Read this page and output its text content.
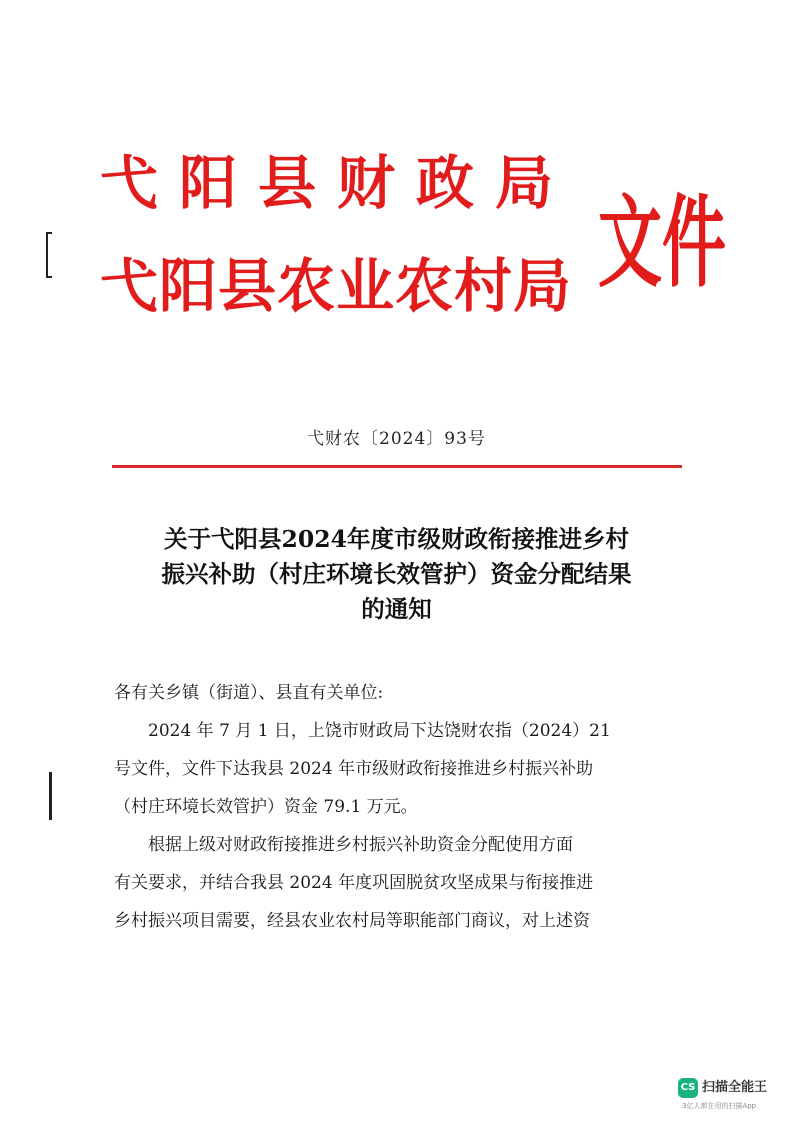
弋阳县财政局
弋阳县农业农村局 文件
弋财农〔2024〕93号
关于弋阳县2024年度市级财政衔接推进乡村
振兴补助（村庄环境长效管护）资金分配结果
的通知

各有关乡镇（街道）、县直有关单位:

2024 年 7 月 1 日，上饶市财政局下达饶财农指（2024）21

号文件，文件下达我县 2024 年市级财政衔接推进乡村振兴补助

（村庄环境长效管护）资金 79.1 万元。

根据上级对财政衔接推进乡村振兴补助资金分配使用方面

有关要求，并结合我县 2024 年度巩固脱贫攻坚成果与衔接推进

乡村振兴项目需要，经县农业农村局等职能部门商议，对上述资

CS 扫描全能王
3亿人都在用的扫描App
